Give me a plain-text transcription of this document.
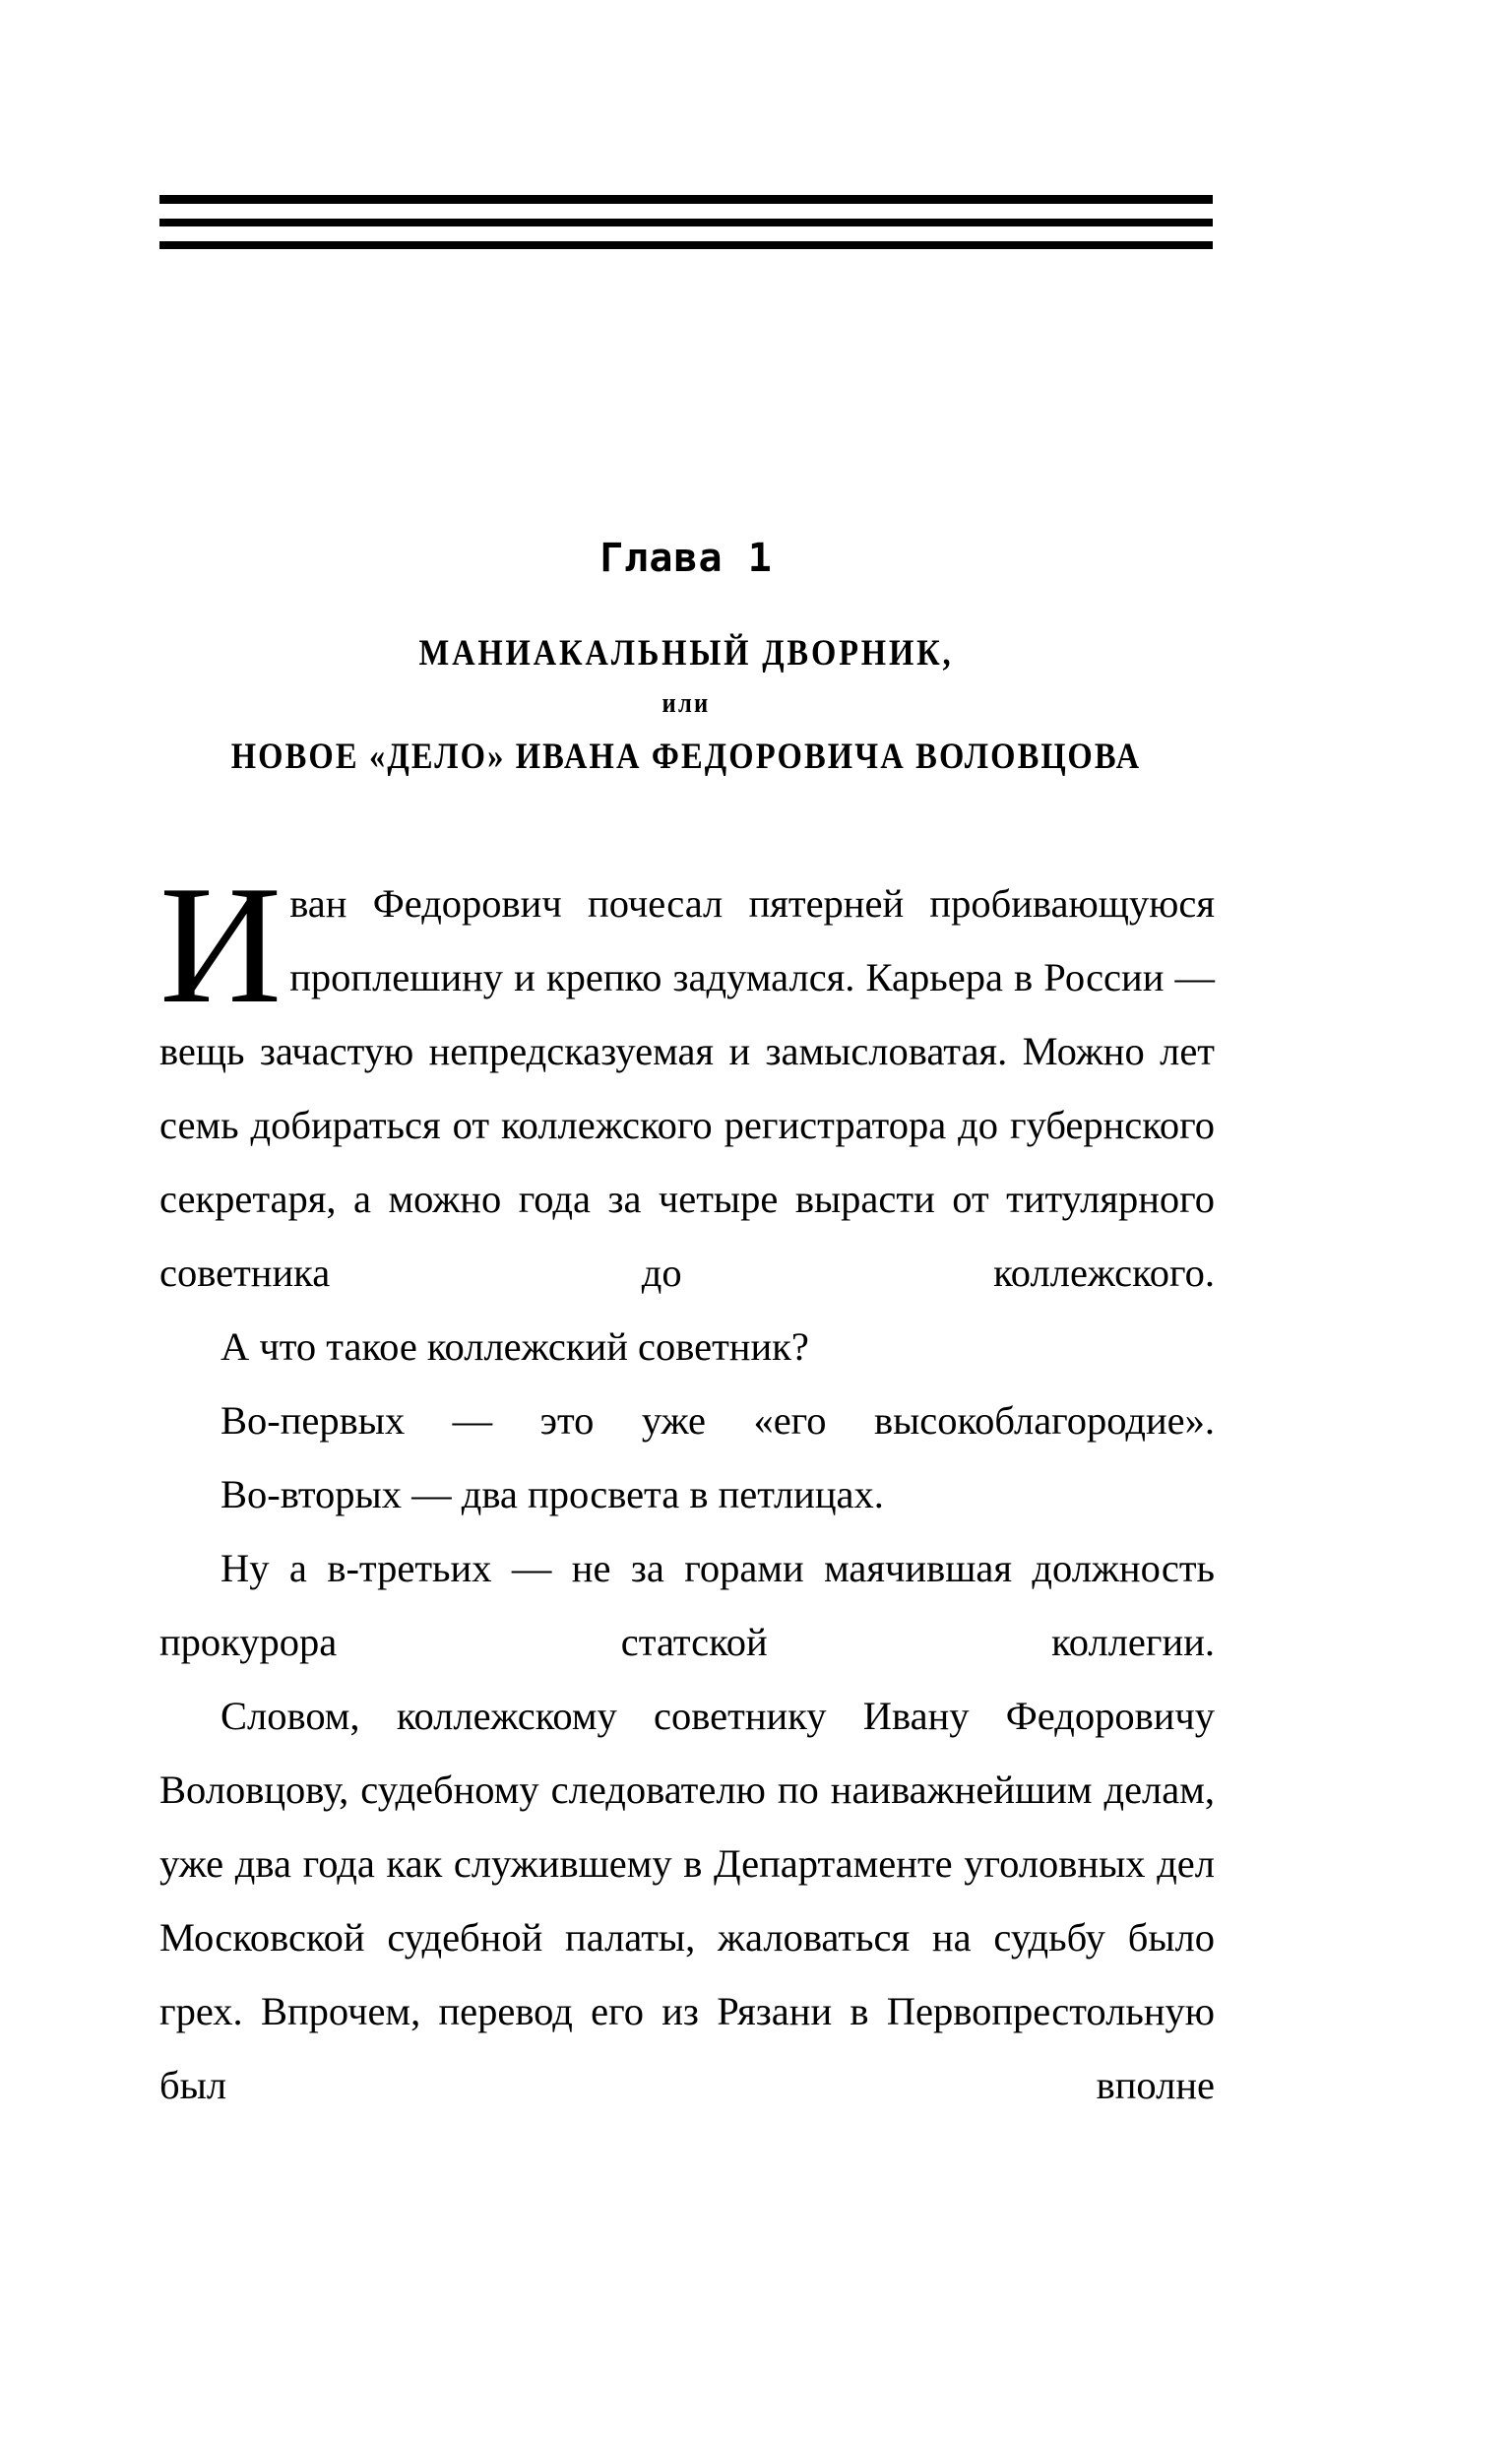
Глава 1
МАНИАКАЛЬНЫЙ ДВОРНИК,
или
НОВОЕ «ДЕЛО» ИВАНА ФЕДОРОВИЧА ВОЛОВЦОВА

Иван Федорович почесал пятерней пробивающуюся проплешину и крепко задумался. Карьера в России — вещь зачастую непредсказуемая и замысловатая. Можно лет семь добираться от коллежского регистратора до губернского секретаря, а можно года за четыре вырасти от титулярного советника до коллежского.

А что такое коллежский советник?

Во-первых — это уже «его высокоблагородие».

Во-вторых — два просвета в петлицах.

Ну а в-третьих — не за горами маячившая должность прокурора статской коллегии.

Словом, коллежскому советнику Ивану Федоровичу Воловцову, судебному следователю по наиважнейшим делам, уже два года как служившему в Департаменте уголовных дел Московской судебной палаты, жаловаться на судьбу было грех. Впрочем, перевод его из Рязани в Первопрестольную был вполне
